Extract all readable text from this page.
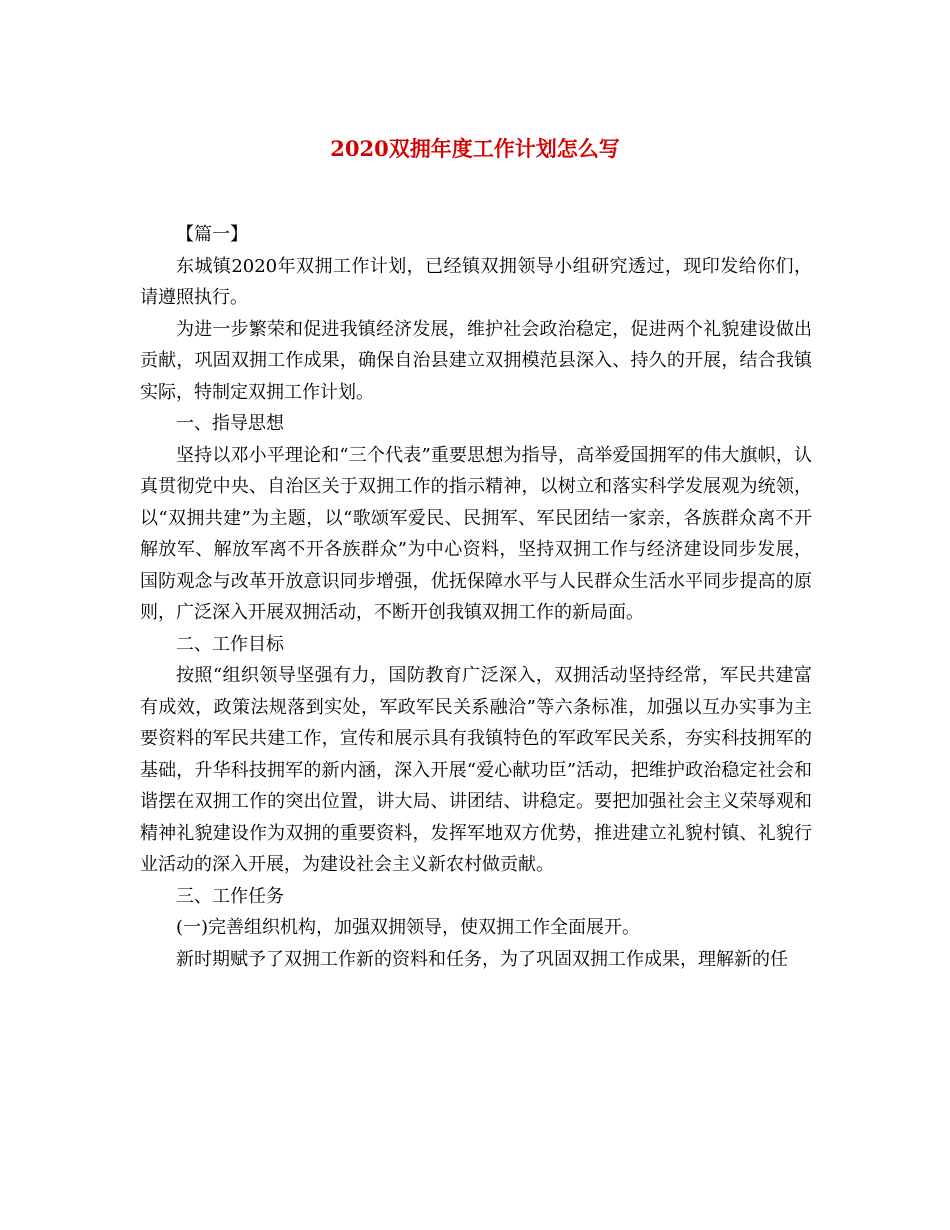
2020双拥年度工作计划怎么写

【篇一】

东城镇2020年双拥工作计划，已经镇双拥领导小组研究透过，现印发给你们，请遵照执行。

为进一步繁荣和促进我镇经济发展，维护社会政治稳定，促进两个礼貌建设做出贡献，巩固双拥工作成果，确保自治县建立双拥模范县深入、持久的开展，结合我镇实际，特制定双拥工作计划。

一、指导思想

坚持以邓小平理论和“三个代表”重要思想为指导，高举爱国拥军的伟大旗帜，认真贯彻党中央、自治区关于双拥工作的指示精神，以树立和落实科学发展观为统领，以“双拥共建”为主题，以“歌颂军爱民、民拥军、军民团结一家亲，各族群众离不开解放军、解放军离不开各族群众”为中心资料，坚持双拥工作与经济建设同步发展，国防观念与改革开放意识同步增强，优抚保障水平与人民群众生活水平同步提高的原则，广泛深入开展双拥活动，不断开创我镇双拥工作的新局面。

二、工作目标

按照“组织领导坚强有力，国防教育广泛深入，双拥活动坚持经常，军民共建富有成效，政策法规落到实处，军政军民关系融洽”等六条标准，加强以互办实事为主要资料的军民共建工作，宣传和展示具有我镇特色的军政军民关系，夯实科技拥军的基础，升华科技拥军的新内涵，深入开展“爱心献功臣”活动，把维护政治稳定社会和谐摆在双拥工作的突出位置，讲大局、讲团结、讲稳定。要把加强社会主义荣辱观和精神礼貌建设作为双拥的重要资料，发挥军地双方优势，推进建立礼貌村镇、礼貌行业活动的深入开展，为建设社会主义新农村做贡献。

三、工作任务

(一)完善组织机构，加强双拥领导，使双拥工作全面展开。

新时期赋予了双拥工作新的资料和任务，为了巩固双拥工作成果，理解新的任
